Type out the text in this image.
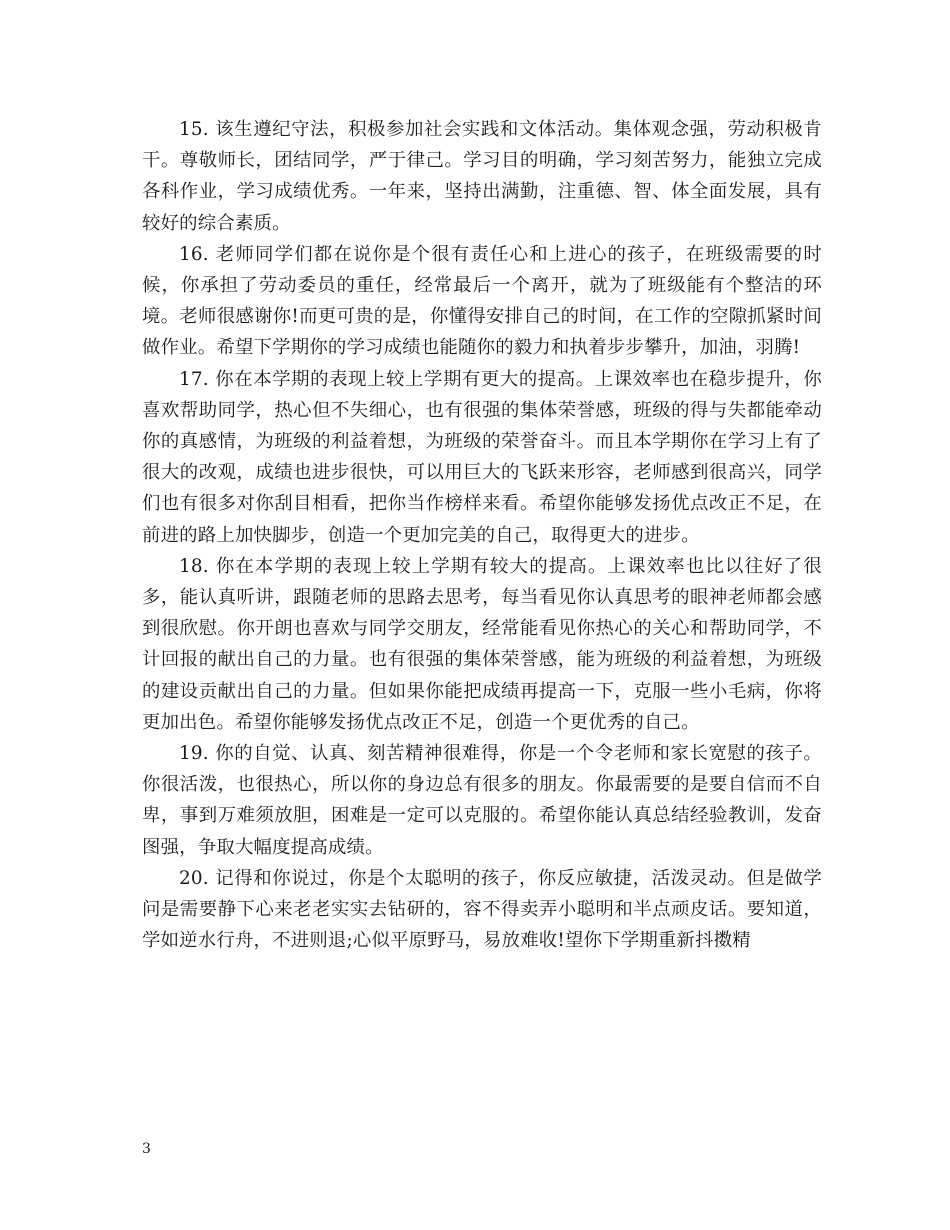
15. 该生遵纪守法，积极参加社会实践和文体活动。集体观念强，劳动积极肯干。尊敬师长，团结同学，严于律己。学习目的明确，学习刻苦努力，能独立完成各科作业，学习成绩优秀。一年来，坚持出满勤，注重德、智、体全面发展，具有较好的综合素质。

16. 老师同学们都在说你是个很有责任心和上进心的孩子，在班级需要的时候，你承担了劳动委员的重任，经常最后一个离开，就为了班级能有个整洁的环境。老师很感谢你!而更可贵的是，你懂得安排自己的时间，在工作的空隙抓紧时间做作业。希望下学期你的学习成绩也能随你的毅力和执着步步攀升，加油，羽腾!

17. 你在本学期的表现上较上学期有更大的提高。上课效率也在稳步提升，你喜欢帮助同学，热心但不失细心，也有很强的集体荣誉感，班级的得与失都能牵动你的真感情，为班级的利益着想，为班级的荣誉奋斗。而且本学期你在学习上有了很大的改观，成绩也进步很快，可以用巨大的飞跃来形容，老师感到很高兴，同学们也有很多对你刮目相看，把你当作榜样来看。希望你能够发扬优点改正不足，在前进的路上加快脚步，创造一个更加完美的自己，取得更大的进步。

18. 你在本学期的表现上较上学期有较大的提高。上课效率也比以往好了很多，能认真听讲，跟随老师的思路去思考，每当看见你认真思考的眼神老师都会感到很欣慰。你开朗也喜欢与同学交朋友，经常能看见你热心的关心和帮助同学，不计回报的献出自己的力量。也有很强的集体荣誉感，能为班级的利益着想，为班级的建设贡献出自己的力量。但如果你能把成绩再提高一下，克服一些小毛病，你将更加出色。希望你能够发扬优点改正不足，创造一个更优秀的自己。

19. 你的自觉、认真、刻苦精神很难得，你是一个令老师和家长宽慰的孩子。你很活泼，也很热心，所以你的身边总有很多的朋友。你最需要的是要自信而不自卑，事到万难须放胆，困难是一定可以克服的。希望你能认真总结经验教训，发奋图强，争取大幅度提高成绩。

20. 记得和你说过，你是个太聪明的孩子，你反应敏捷，活泼灵动。但是做学问是需要静下心来老老实实去钻研的，容不得卖弄小聪明和半点顽皮话。要知道，学如逆水行舟，不进则退;心似平原野马，易放难收!望你下学期重新抖擞精

3
